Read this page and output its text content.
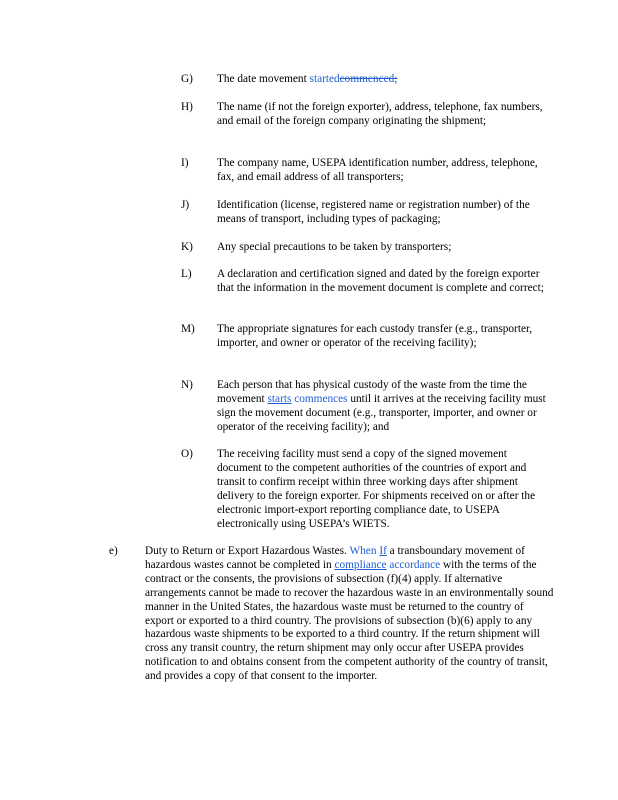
G) The date movement startedcommenced;
H) The name (if not the foreign exporter), address, telephone, fax numbers, and email of the foreign company originating the shipment;
I)	The company name, USEPA identification number, address, telephone, fax, and email address of all transporters;
J) Identification (license, registered name or registration number) of the means of transport, including types of packaging;
K) Any special precautions to be taken by transporters;
L) A declaration and certification signed and dated by the foreign exporter that the information in the movement document is complete and correct;
M) The appropriate signatures for each custody transfer (e.g., transporter, importer, and owner or operator of the receiving facility);
N) Each person that has physical custody of the waste from the time the movement starts commences until it arrives at the receiving facility must sign the movement document (e.g., transporter, importer, and owner or operator of the receiving facility); and
O) The receiving facility must send a copy of the signed movement document to the competent authorities of the countries of export and transit to confirm receipt within three working days after shipment delivery to the foreign exporter. For shipments received on or after the electronic import-export reporting compliance date, to USEPA electronically using USEPA’s WIETS.
e) Duty to Return or Export Hazardous Wastes. When If a transboundary movement of hazardous wastes cannot be completed in compliance accordance with the terms of the contract or the consents, the provisions of subsection (f)(4) apply. If alternative arrangements cannot be made to recover the hazardous waste in an environmentally sound manner in the United States, the hazardous waste must be returned to the country of export or exported to a third country. The provisions of subsection (b)(6) apply to any hazardous waste shipments to be exported to a third country. If the return shipment will cross any transit country, the return shipment may only occur after USEPA provides notification to and obtains consent from the competent authority of the country of transit, and provides a copy of that consent to the importer.
